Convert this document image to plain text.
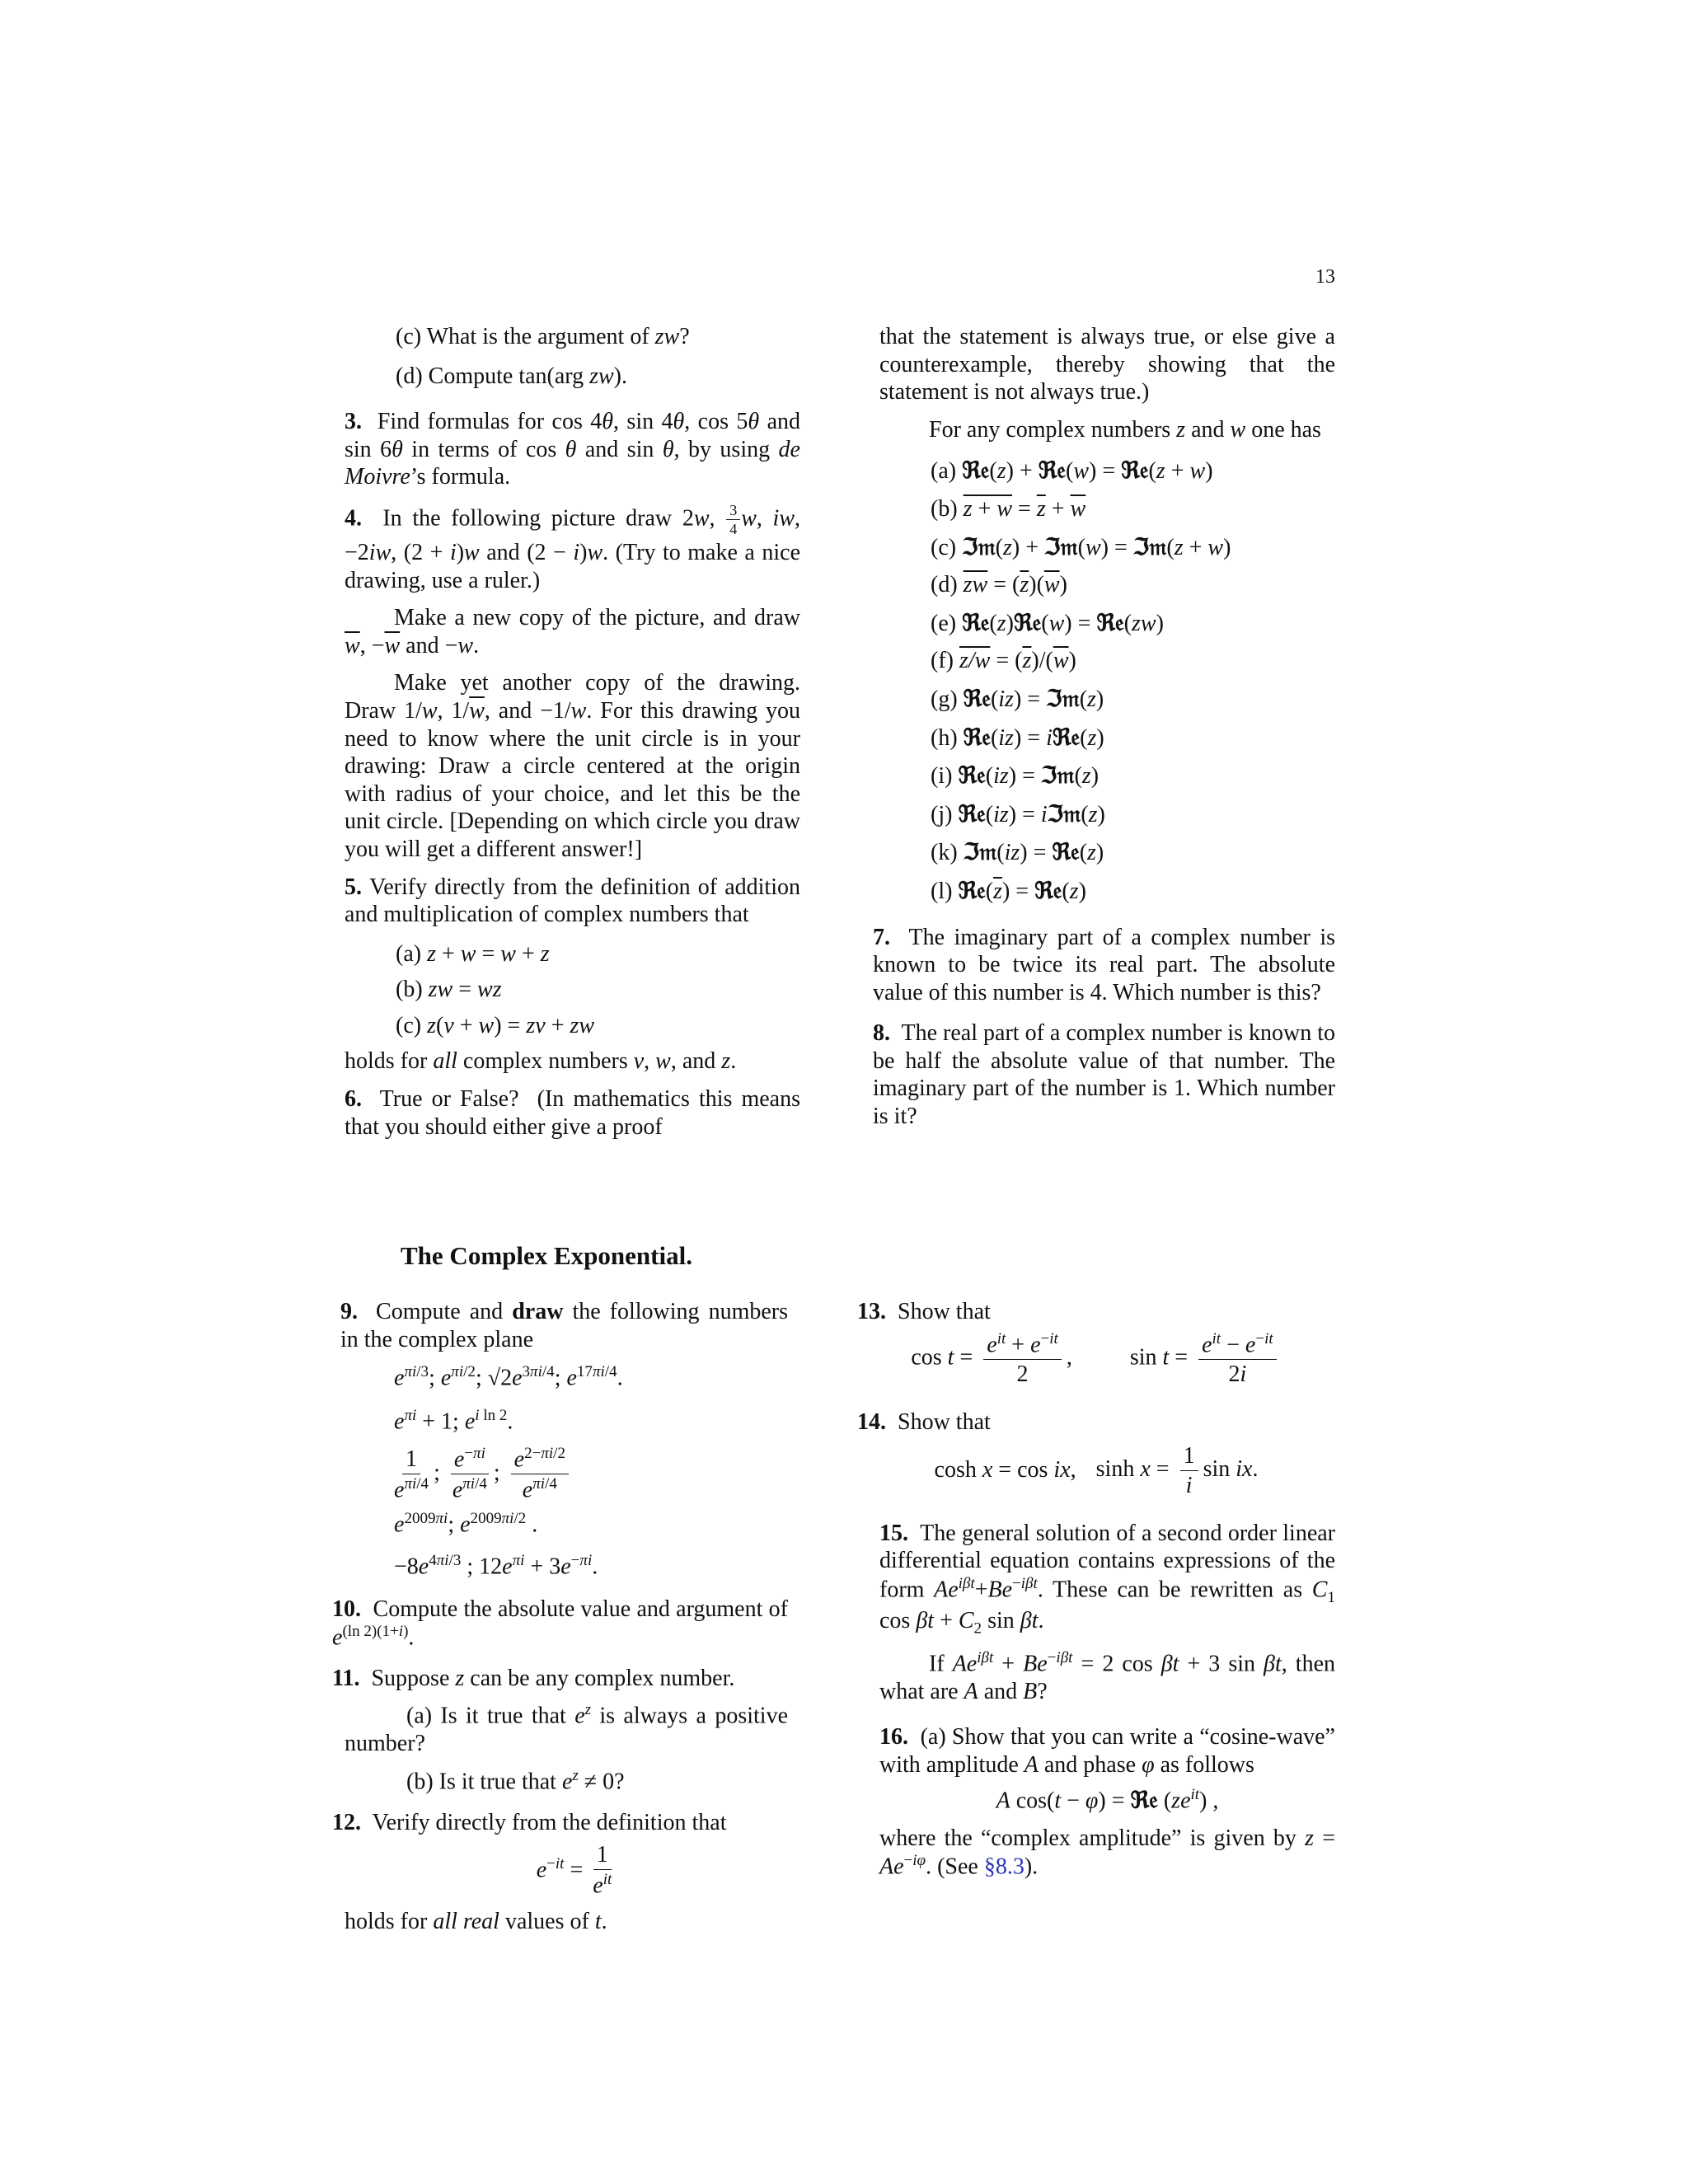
13
(c) What is the argument of zw?
(d) Compute tan(arg zw).

3.  Find formulas for cos 4θ, sin 4θ, cos 5θ and sin 6θ in terms of cos θ and sin θ, by using de Moivre’s formula.

4.  In the following picture draw 2w, $\frac{3}{4} w$, iw, −2iw, (2 + i)w and (2 − i)w. (Try to make a nice drawing, use a ruler.)

Make a new copy of the picture, and draw $\overline{w}$, $-\overline{w}$ and −w.

Make yet another copy of the drawing. Draw 1/w, $1/\overline{w}$, and −1/w. For this drawing you need to know where the unit circle is in your drawing: Draw a circle centered at the origin with radius of your choice, and let this be the unit circle. [Depending on which circle you draw you will get a different answer!]

5. Verify directly from the definition of addition and multiplication of complex numbers that

(a) z + w = w + z
(b) zw = wz
(c) z(v + w) = zv + zw

holds for all complex numbers v, w, and z.

6.  True or False?  (In mathematics this means that you should either give a proof

that the statement is always true, or else give a counterexample, thereby showing that the statement is not always true.)

For any complex numbers z and w one has

(a) ℜ𝔢(z) + ℜ𝔢(w) = ℜ𝔢(z + w)
(b) $z + w = \overline{z} + \overline{w}$
(c) ℑ𝔪(z) + ℑ𝔪(w) = ℑ𝔪(z + w)
(d) $\overline{zw} = (\overline{z})(\overline{w})$
(e) ℜ𝔢(z)ℜ𝔢(w) = ℜ𝔢(zw)
(f) $z/w = (\overline{z})/(\overline{w})$
(g) ℜ𝔢(iz) = ℑ𝔪(z)
(h) ℜ𝔢(iz) = iℜ𝔢(z)
(i) ℜ𝔢(iz) = ℑ𝔪(z)
(j) ℜ𝔢(iz) = iℑ𝔪(z)
(k) ℑ𝔪(iz) = ℜ𝔢(z)
(l) $ℜ𝔢(\overline{z})$ = ℜ𝔢(z)

7. The imaginary part of a complex number is known to be twice its real part. The absolute value of this number is 4. Which number is this?

8. The real part of a complex number is known to be half the absolute value of that number. The imaginary part of the number is 1. Which number is it?

The Complex Exponential.

9. Compute and draw the following numbers in the complex plane

$e^{\pi i/3}$; $e^{\pi i/2}$; $√2e^{3\pi i/4}$; $e^{17\pi i/4}$.
$e^{\pi i} + 1$; $e^{i ln 2}$.
$\frac{1}{e^{\pi i/4}}$ ; $\frac{e^{-\pi i}}{e^{\pi i/4}}$ ; $\frac{e^{2-\pi i/2}}{e^{\pi i/4}}$
$e^{2009\pi i}$; $e^{2009\pi i/2}$ .
$-8e^{4\pi i/3}$ ; $12e^{\pi i} + 3e^{-\pi i}$.

10.  Compute the absolute value and argument of $e^{(ln 2)(1+i)}$.

11.  Suppose z can be any complex number.

(a) Is it true that $e^z$ is always a positive number?

(b) Is it true that $e^z \ne 0$?

12. Verify directly from the definition that

$e^{-it} = \frac{1}{e^{it}}$

holds for all real values of t.

13. Show that

$\cos t = \frac{e^{it} + e^{-it}}{2}$ ,	$\sin t = \frac{e^{it} - e^{-it}}{2i}$

14. Show that

cosh x = cos ix, $\sinh x = \frac{1}{i}$ sin ix.

15.  The general solution of a second order linear differential equation contains expressions of the form $Ae^{i\beta t}+Be^{-i\beta t}$. These can be rewritten as $C_1$ $\cos \beta t + C_2$ sin βt.

If $Ae^{i\beta t} + Be^{-i\beta t} = 2$ cos βt + 3 sin βt, then what are A and B?

16.  (a) Show that you can write a “cosine-wave” with amplitude A and phase φ as follows

A cos(t − φ) = ℜ𝔢 $(ze^{it})$ ,

where the “complex amplitude” is given by $z = Ae^{-i\varphi}$. (See §8.3).
